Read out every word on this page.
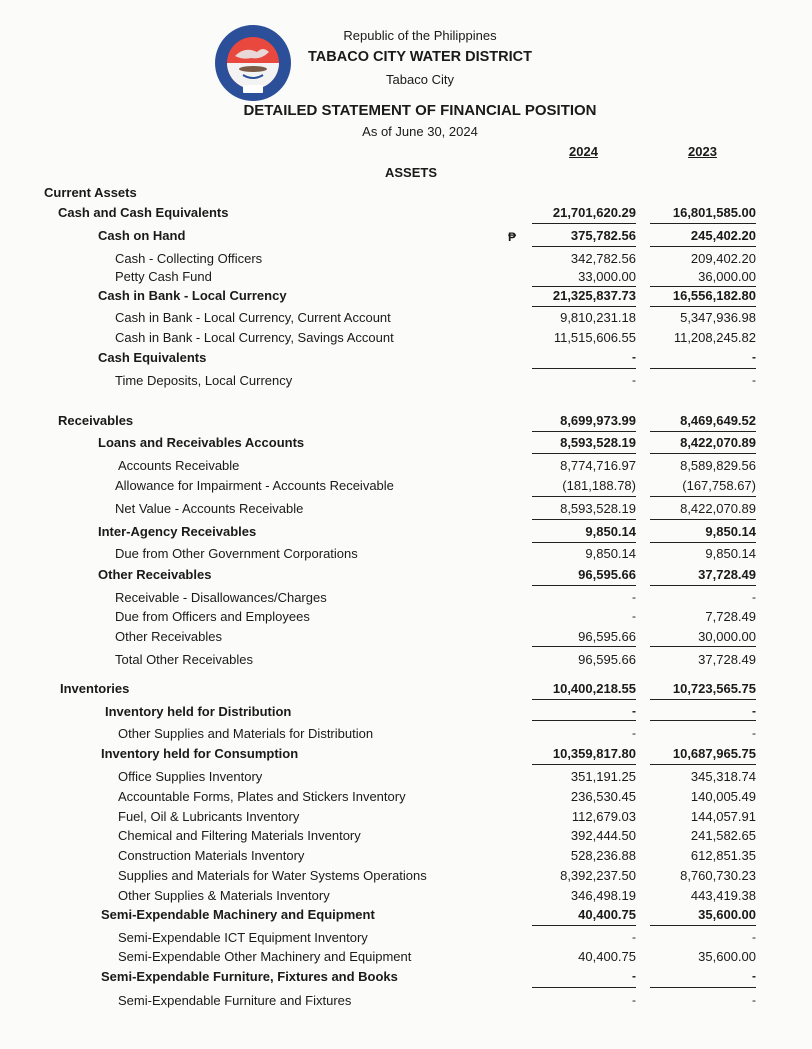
Republic of the Philippines
TABACO CITY WATER DISTRICT
Tabaco City
DETAILED STATEMENT OF FINANCIAL POSITION
As of June 30, 2024
2024	2023
ASSETS
₱
Current Assets
Cash and Cash Equivalents	21,701,620.29	16,801,585.00
Cash on Hand	375,782.56	245,402.20
Cash - Collecting Officers	342,782.56	209,402.20
Petty Cash Fund	33,000.00	36,000.00
Cash in Bank - Local Currency	21,325,837.73	16,556,182.80
Cash in Bank - Local Currency, Current Account	9,810,231.18	5,347,936.98
Cash in Bank - Local Currency, Savings Account	11,515,606.55	11,208,245.82
Cash Equivalents	-	-
Time Deposits, Local Currency	-	-
Receivables	8,699,973.99	8,469,649.52
Loans and Receivables Accounts	8,593,528.19	8,422,070.89
Accounts Receivable	8,774,716.97	8,589,829.56
Allowance for Impairment - Accounts Receivable	(181,188.78)	(167,758.67)
Net Value - Accounts Receivable	8,593,528.19	8,422,070.89
Inter-Agency Receivables	9,850.14	9,850.14
Due from Other Government Corporations	9,850.14	9,850.14
Other Receivables	96,595.66	37,728.49
Receivable - Disallowances/Charges	-	-
Due from Officers and Employees	-	7,728.49
Other Receivables	96,595.66	30,000.00
Total Other Receivables	96,595.66	37,728.49
Inventories	10,400,218.55	10,723,565.75
Inventory held for Distribution	-	-
Other Supplies and Materials for Distribution	-	-
Inventory held for Consumption	10,359,817.80	10,687,965.75
Office Supplies Inventory	351,191.25	345,318.74
Accountable Forms, Plates and Stickers Inventory	236,530.45	140,005.49
Fuel, Oil & Lubricants Inventory	112,679.03	144,057.91
Chemical and Filtering Materials Inventory	392,444.50	241,582.65
Construction Materials Inventory	528,236.88	612,851.35
Supplies and Materials for Water Systems Operations	8,392,237.50	8,760,730.23
Other Supplies & Materials Inventory	346,498.19	443,419.38
Semi-Expendable Machinery and Equipment	40,400.75	35,600.00
Semi-Expendable ICT Equipment Inventory	-	-
Semi-Expendable Other Machinery and Equipment	40,400.75	35,600.00
Semi-Expendable Furniture, Fixtures and Books	-	-
Semi-Expendable Furniture and Fixtures	-	-
